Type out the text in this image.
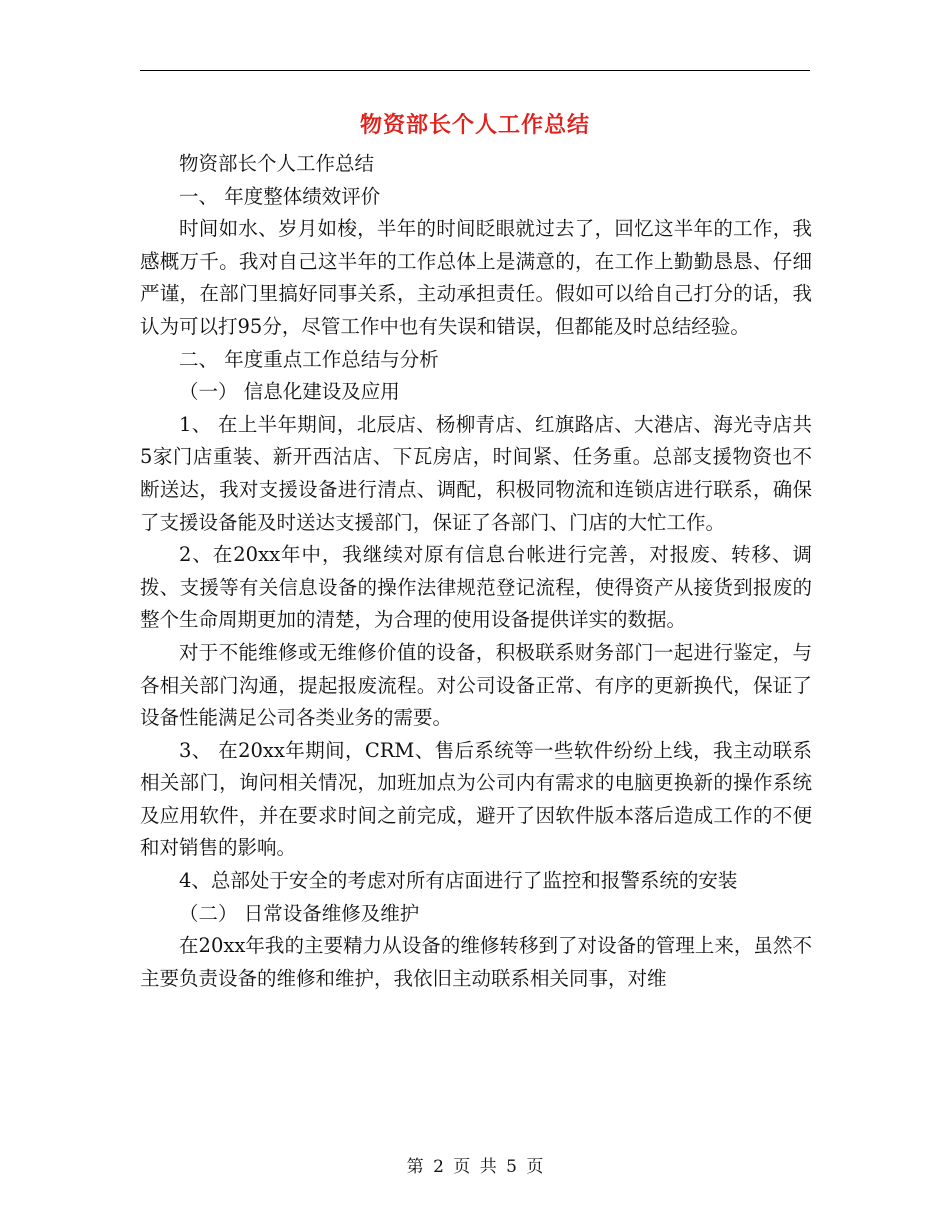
物资部长个人工作总结

物资部长个人工作总结

一、 年度整体绩效评价

时间如水、岁月如梭，半年的时间眨眼就过去了，回忆这半年的工作，我感概万千。我对自己这半年的工作总体上是满意的，在工作上勤勤恳恳、仔细严谨，在部门里搞好同事关系，主动承担责任。假如可以给自己打分的话，我认为可以打95分，尽管工作中也有失误和错误，但都能及时总结经验。

二、 年度重点工作总结与分析

（一） 信息化建设及应用

1、 在上半年期间，北辰店、杨柳青店、红旗路店、大港店、海光寺店共5家门店重装、新开西沽店、下瓦房店，时间紧、任务重。总部支援物资也不断送达，我对支援设备进行清点、调配，积极同物流和连锁店进行联系，确保了支援设备能及时送达支援部门，保证了各部门、门店的大忙工作。

2、在20xx年中，我继续对原有信息台帐进行完善，对报废、转移、调拨、支援等有关信息设备的操作法律规范登记流程，使得资产从接货到报废的整个生命周期更加的清楚，为合理的使用设备提供详实的数据。

对于不能维修或无维修价值的设备，积极联系财务部门一起进行鉴定，与各相关部门沟通，提起报废流程。对公司设备正常、有序的更新换代，保证了设备性能满足公司各类业务的需要。

3、 在20xx年期间，CRM、售后系统等一些软件纷纷上线，我主动联系相关部门，询问相关情况，加班加点为公司内有需求的电脑更换新的操作系统及应用软件，并在要求时间之前完成，避开了因软件版本落后造成工作的不便和对销售的影响。

4、总部处于安全的考虑对所有店面进行了监控和报警系统的安装

（二） 日常设备维修及维护

在20xx年我的主要精力从设备的维修转移到了对设备的管理上来，虽然不主要负责设备的维修和维护，我依旧主动联系相关同事，对维

第 2 页 共 5 页
